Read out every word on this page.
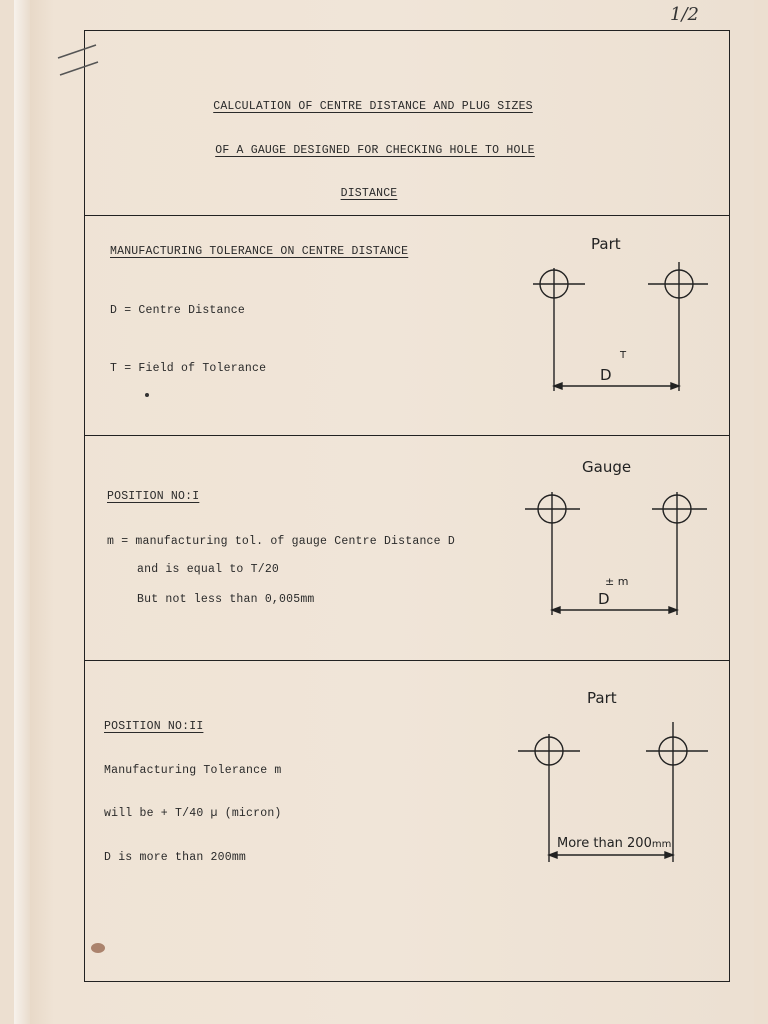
1/2
CALCULATION OF CENTRE DISTANCE AND PLUG SIZES
OF A GAUGE DESIGNED FOR CHECKING HOLE TO HOLE
DISTANCE
MANUFACTURING TOLERANCE ON CENTRE DISTANCE
D = Centre Distance
T = Field of Tolerance
Part
D
T
POSITION NO:I
m = manufacturing tol. of gauge Centre Distance D
and is equal to T/20
But not less than 0,005mm
Gauge
D
± m
POSITION NO:II
Manufacturing Tolerance m
will be + T/40 µ (micron)
D is more than 200mm
Part
More than 200mm
